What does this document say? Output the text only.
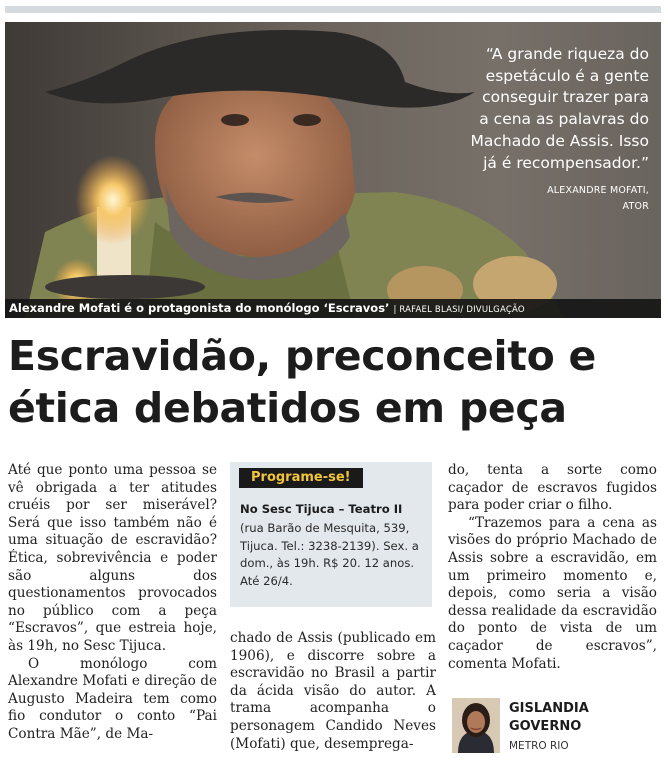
Alexandre Mofati é o protagonista do monólogo ‘Escravos’ | RAFAEL BLASI/ DIVULGAÇÃO

“A grande riqueza do
espetáculo é a gente
conseguir trazer para
a cena as palavras do
Machado de Assis. Isso
já é recompensador.”

ALEXANDRE MOFATI,
ATOR
Escravidão, preconceito e
ética debatidos em peça

Até que ponto uma pessoa se vê obrigada a ter atitudes cruéis por ser miserável? Será que isso também não é uma situação de escravidão? Ética, sobrevivência e poder são alguns dos questionamentos provocados no público com a peça “Escravos”, que estreia hoje, às 19h, no Sesc Tijuca.

O monólogo com Alexandre Mofati e direção de Augusto Madeira tem como fio condutor o conto “Pai Contra Mãe”, de Ma-

Programe-se!
No Sesc Tijuca – Teatro II
(rua Barão de Mesquita, 539, Tijuca. Tel.: 3238-2139). Sex. a dom., às 19h. R$ 20. 12 anos. Até 26/4.

chado de Assis (publicado em 1906), e discorre sobre a escravidão no Brasil a partir da ácida visão do autor. A trama acompanha o personagem Candido Neves (Mofati) que, desemprega-

do, tenta a sorte como caçador de escravos fugidos para poder criar o filho.

“Trazemos para a cena as visões do próprio Machado de Assis sobre a escravidão, em um primeiro momento e, depois, como seria a visão dessa realidade da escravidão do ponto de vista de um caçador de escravos”, comenta Mofati.

GISLANDIA
GOVERNO
METRO RIO
